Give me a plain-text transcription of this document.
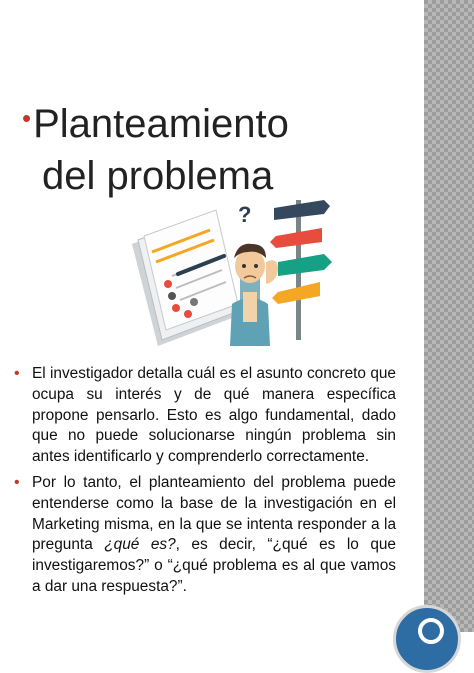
•Planteamiento
del problema
?
• El investigador detalla cuál es el asunto concreto que ocupa su interés y de qué manera específica propone pensarlo. Esto es algo fundamental, dado que no puede solucionarse ningún problema sin antes identificarlo y comprenderlo correctamente.
• Por lo tanto, el planteamiento del problema puede entenderse como la base de la investigación en el Marketing misma, en la que se intenta responder a la pregunta ¿qué es?, es decir, “¿qué es lo que investigaremos?” o “¿qué problema es al que vamos a dar una respuesta?”.
